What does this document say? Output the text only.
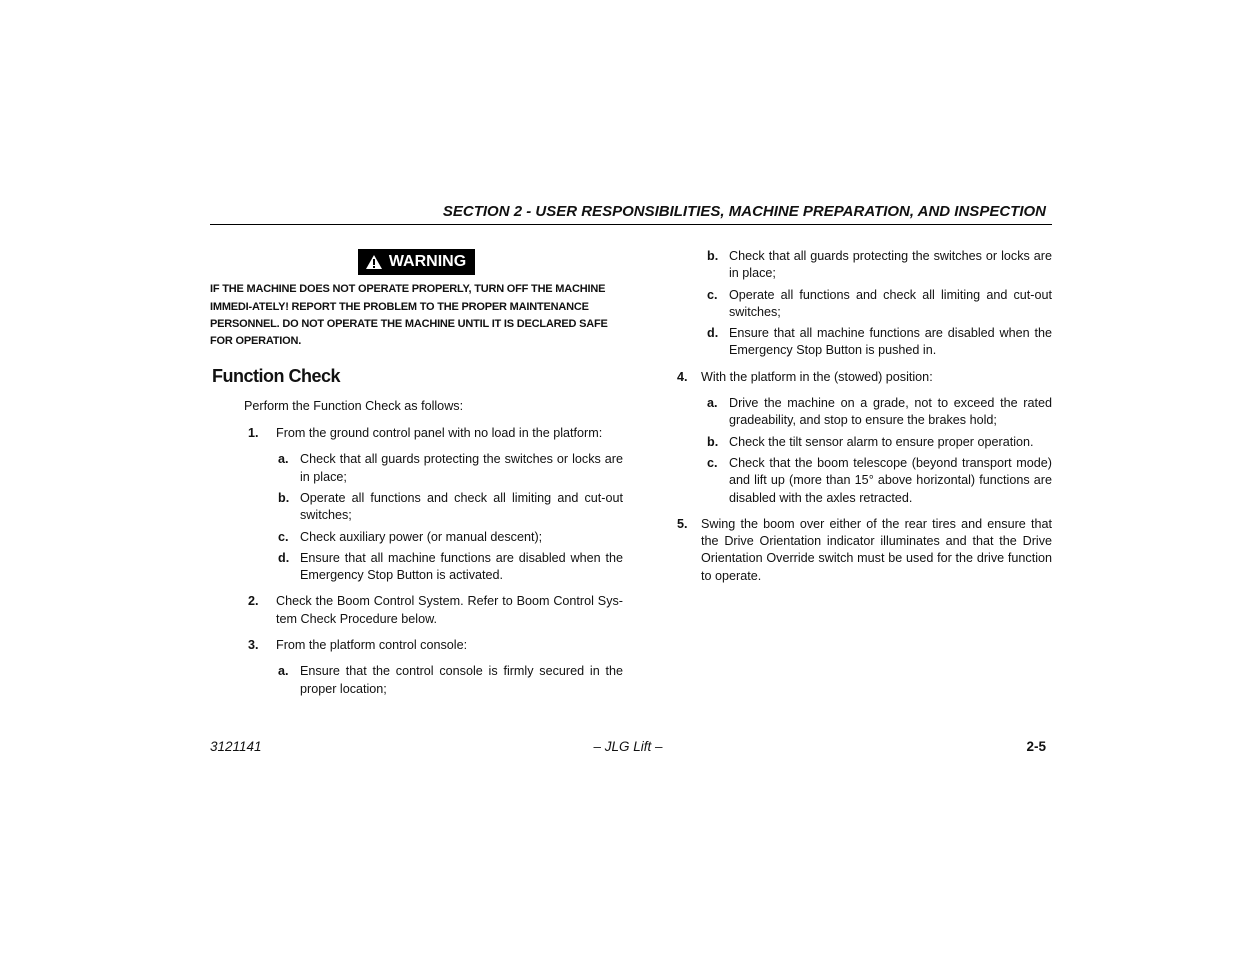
SECTION 2 - USER RESPONSIBILITIES, MACHINE PREPARATION, AND INSPECTION
WARNING
IF THE MACHINE DOES NOT OPERATE PROPERLY, TURN OFF THE MACHINE IMMEDI-ATELY! REPORT THE PROBLEM TO THE PROPER MAINTENANCE PERSONNEL. DO NOT OPERATE THE MACHINE UNTIL IT IS DECLARED SAFE FOR OPERATION.
Function Check
Perform the Function Check as follows:
1.	From the ground control panel with no load in the platform:
a. Check that all guards protecting the switches or locks are in place;
b. Operate all functions and check all limiting and cut-out switches;
c. Check auxiliary power (or manual descent);
d. Ensure that all machine functions are disabled when the Emergency Stop Button is activated.
2.	Check the Boom Control System. Refer to Boom Control Sys-tem Check Procedure below.
3.	From the platform control console:
a. Ensure that the control console is firmly secured in the proper location;
b. Check that all guards protecting the switches or locks are in place;
c. Operate all functions and check all limiting and cut-out switches;
d. Ensure that all machine functions are disabled when the Emergency Stop Button is pushed in.
4.	With the platform in the (stowed) position:
a. Drive the machine on a grade, not to exceed the rated gradeability, and stop to ensure the brakes hold;
b. Check the tilt sensor alarm to ensure proper operation.
c. Check that the boom telescope (beyond transport mode) and lift up (more than 15° above horizontal) functions are disabled with the axles retracted.
5.	Swing the boom over either of the rear tires and ensure that the Drive Orientation indicator illuminates and that the Drive Orientation Override switch must be used for the drive function to operate.
3121141	– JLG Lift –	2-5
